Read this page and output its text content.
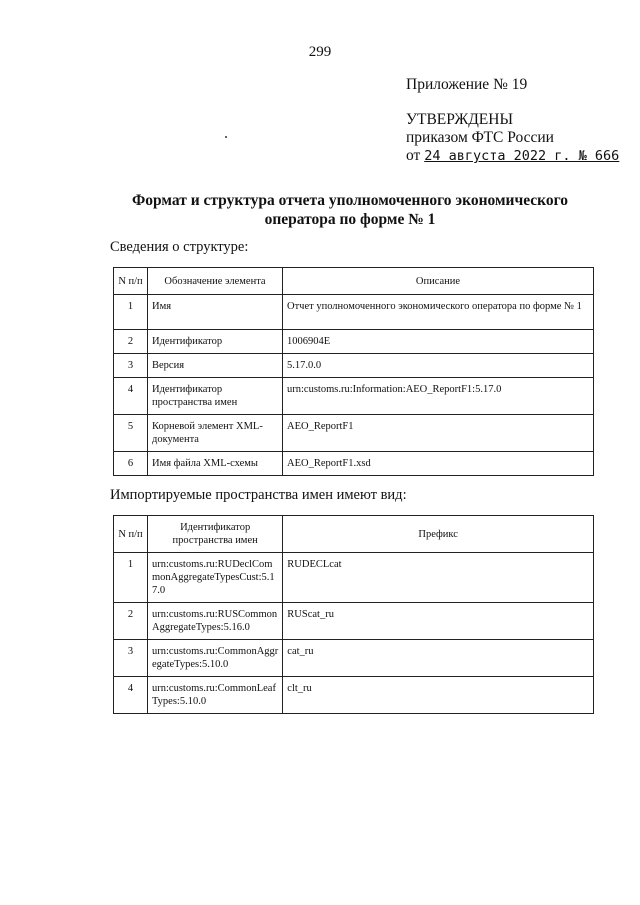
299
Приложение № 19
УТВЕРЖДЕНЫ
приказом ФТС России
от 24 августа 2022 г. № 666
Формат и структура отчета уполномоченного экономического
оператора по форме № 1
Сведения о структуре:
N п/п	Обозначение элемента	Описание
1	Имя	Отчет уполномоченного экономического оператора по форме № 1
2	Идентификатор	1006904E
3	Версия	5.17.0.0
4	Идентификатор пространства имен	urn:customs.ru:Information:AEO_ReportF1:5.17.0
5	Корневой элемент XML-документа	AEO_ReportF1
6	Имя файла XML-схемы	AEO_ReportF1.xsd
Импортируемые пространства имен имеют вид:
N п/п	Идентификатор пространства имен	Префикс
1	urn:customs.ru:RUDeclCom
monAggregateTypesCust:5.1
7.0	RUDECLcat
2	urn:customs.ru:RUSCommon
AggregateTypes:5.16.0	RUScat_ru
3	urn:customs.ru:CommonAggr
egateTypes:5.10.0	cat_ru
4	urn:customs.ru:CommonLeaf
Types:5.10.0	clt_ru
